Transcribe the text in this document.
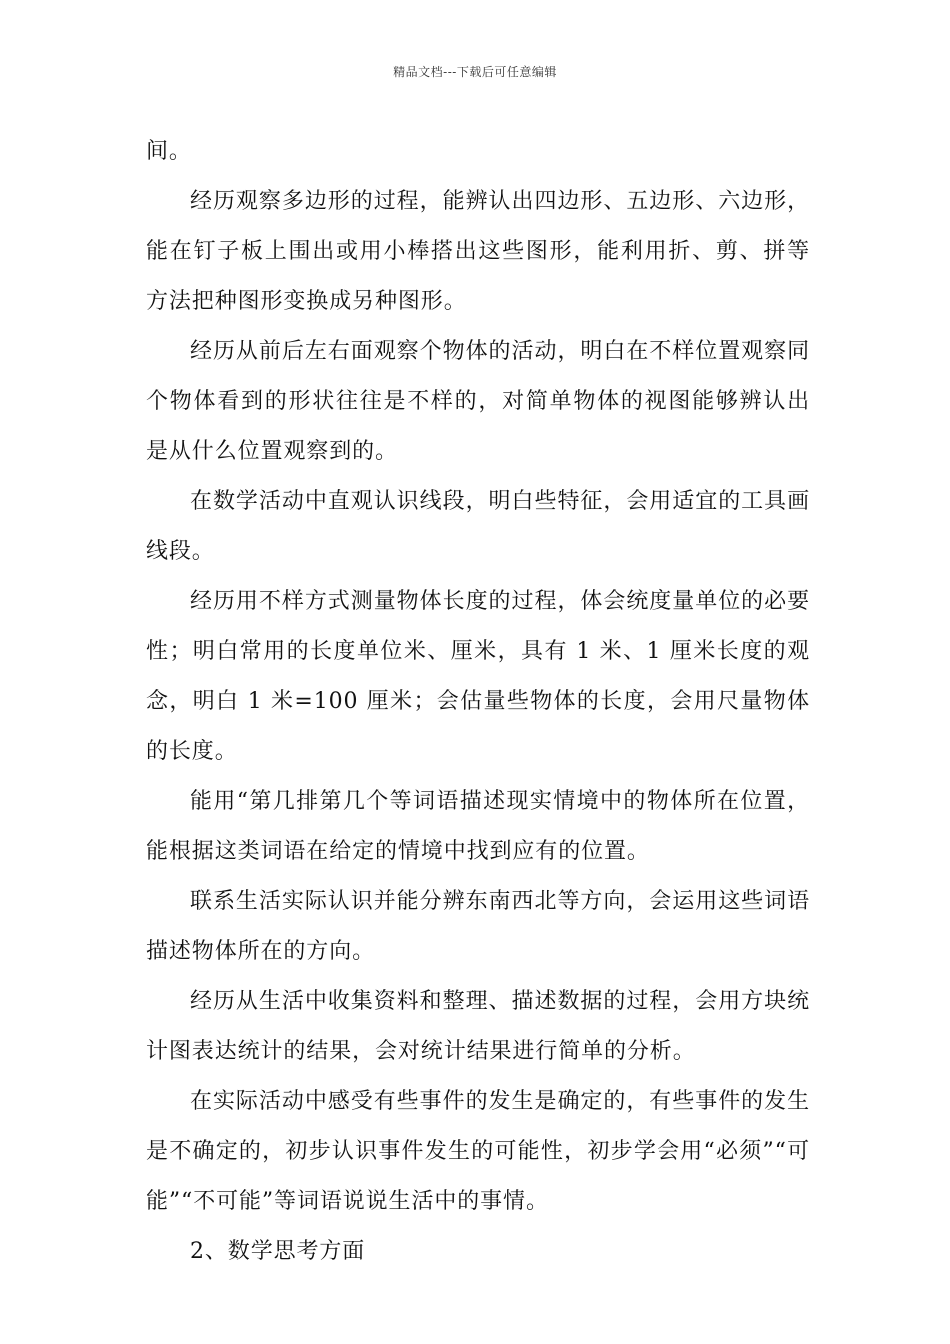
精品文档---下载后可任意编辑

间。

经历观察多边形的过程，能辨认出四边形、五边形、六边形，能在钉子板上围出或用小棒搭出这些图形，能利用折、剪、拼等方法把种图形变换成另种图形。

经历从前后左右面观察个物体的活动，明白在不样位置观察同个物体看到的形状往往是不样的，对简单物体的视图能够辨认出是从什么位置观察到的。

在数学活动中直观认识线段，明白些特征，会用适宜的工具画线段。

经历用不样方式测量物体长度的过程，体会统度量单位的必要性；明白常用的长度单位米、厘米，具有 1 米、1 厘米长度的观念，明白 1 米=100 厘米；会估量些物体的长度，会用尺量物体的长度。

能用“第几排第几个等词语描述现实情境中的物体所在位置，能根据这类词语在给定的情境中找到应有的位置。

联系生活实际认识并能分辨东南西北等方向，会运用这些词语描述物体所在的方向。

经历从生活中收集资料和整理、描述数据的过程，会用方块统计图表达统计的结果，会对统计结果进行简单的分析。

在实际活动中感受有些事件的发生是确定的，有些事件的发生是不确定的，初步认识事件发生的可能性，初步学会用“必须”“可能”“不可能”等词语说说生活中的事情。

2、数学思考方面
